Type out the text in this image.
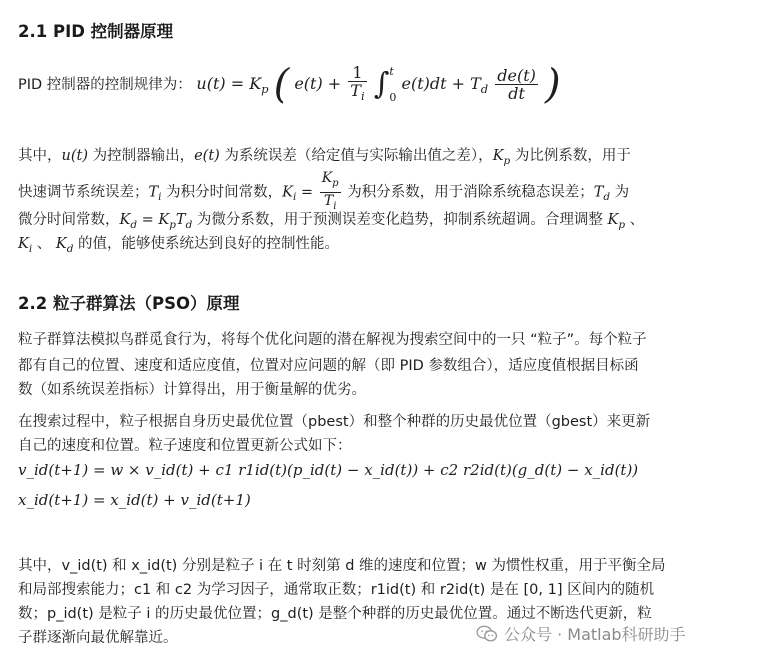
2.1 PID 控制器原理
PID 控制器的控制规律为： $u(t) = K_p$ ( $e(t) + \frac{1}{T_i}$ ∫ t
0
$e(t)dt + T_d \frac{de(t)}{dt}$ )
其中，u(t) 为控制器输出，e(t) 为系统误差（给定值与实际输出值之差），$K_p$ 为比例系数，用于
快速调节系统误差；$T_i$ 为积分时间常数，$K_i = \frac{K_p}{T_i}$ 为积分系数，用于消除系统稳态误差；$T_d$ 为
微分时间常数，$K_d = K_pT_d$ 为微分系数，用于预测误差变化趋势，抑制系统超调。合理调整 $K_p$ 、
$K_i$ 、 $K_d$ 的值，能够使系统达到良好的控制性能。
2.2 粒子群算法（PSO）原理
粒子群算法模拟鸟群觅食行为，将每个优化问题的潜在解视为搜索空间中的一只 “粒子”。每个粒子
都有自己的位置、速度和适应度值，位置对应问题的解（即 PID 参数组合），适应度值根据目标函
数（如系统误差指标）计算得出，用于衡量解的优劣。
在搜索过程中，粒子根据自身历史最优位置（pbest）和整个种群的历史最优位置（gbest）来更新
自己的速度和位置。粒子速度和位置更新公式如下：
v_id(t+1) = w × v_id(t) + c1 r1id(t)(p_id(t) − x_id(t)) + c2 r2id(t)(g_d(t) − x_id(t))
x_id(t+1) = x_id(t) + v_id(t+1)
其中，v_id(t) 和 x_id(t) 分别是粒子 i 在 t 时刻第 d 维的速度和位置；w 为惯性权重，用于平衡全局
和局部搜索能力；c1 和 c2 为学习因子，通常取正数；r1id(t) 和 r2id(t) 是在 [0, 1] 区间内的随机
数；p_id(t) 是粒子 i 的历史最优位置；g_d(t) 是整个种群的历史最优位置。通过不断迭代更新，粒
子群逐渐向最优解靠近。	公众号 · Matlab科研助手
